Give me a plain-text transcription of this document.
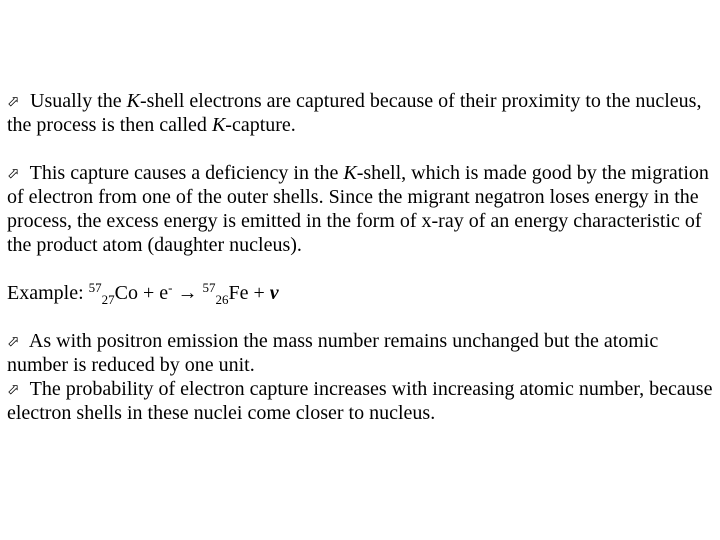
⬀ Usually the K-shell electrons are captured because of their proximity to the nucleus, the process is then called K-capture.

⬀ This capture causes a deficiency in the K-shell, which is made good by the migration of electron from one of the outer shells. Since the migrant negatron loses energy in the process, the excess energy is emitted in the form of x-ray of an energy characteristic of the product atom (daughter nucleus).

Example: $^{57}_{27}$Co + e- → $^{57}_{26}$Fe + v

⬀ As with positron emission the mass number remains unchanged but the atomic number is reduced by one unit.

⬀ The probability of electron capture increases with increasing atomic number, because electron shells in these nuclei come closer to nucleus.
